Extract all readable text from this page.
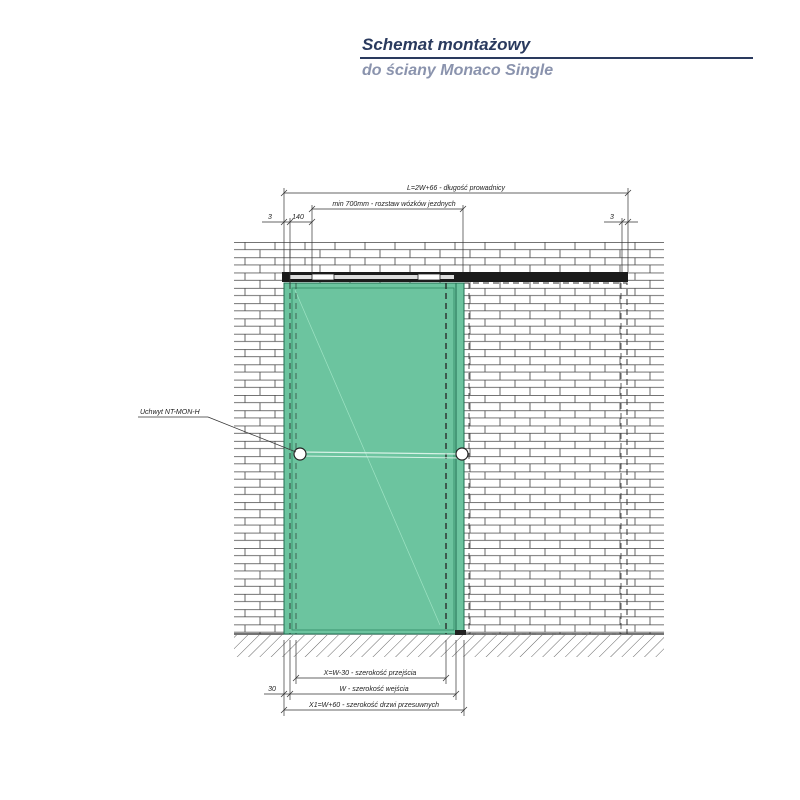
Schemat montażowy
do ściany Monaco Single
L=2W+66 - długość prowadnicy
min 700mm - rozstaw wózków jezdnych
3	140	3
Uchwyt NT-MON-H
X=W-30 - szerokość przejścia
W - szerokość wejścia
30
X1=W+60 - szerokość drzwi przesuwnych
